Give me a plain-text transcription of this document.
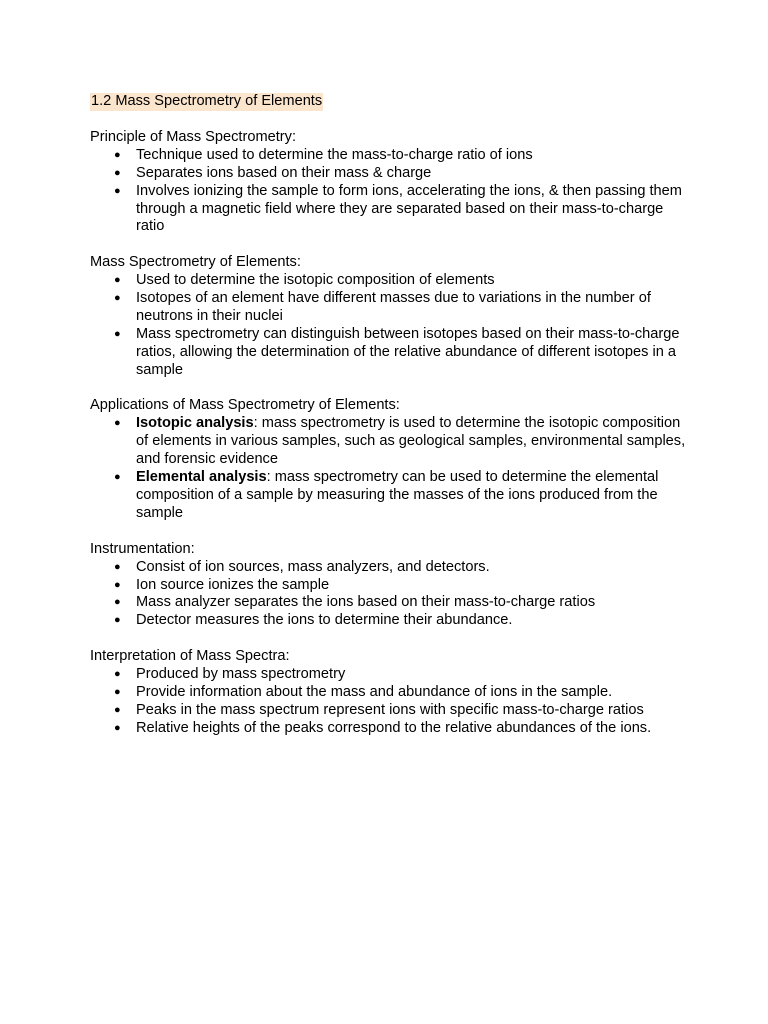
1.2 Mass Spectrometry of Elements
Principle of Mass Spectrometry:
● Technique used to determine the mass-to-charge ratio of ions
● Separates ions based on their mass & charge
● Involves ionizing the sample to form ions, accelerating the ions, & then passing them through a magnetic field where they are separated based on their mass-to-charge ratio
Mass Spectrometry of Elements:
● Used to determine the isotopic composition of elements
● Isotopes of an element have different masses due to variations in the number of neutrons in their nuclei
● Mass spectrometry can distinguish between isotopes based on their mass-to-charge ratios, allowing the determination of the relative abundance of different isotopes in a sample
Applications of Mass Spectrometry of Elements:
● Isotopic analysis: mass spectrometry is used to determine the isotopic composition of elements in various samples, such as geological samples, environmental samples, and forensic evidence
● Elemental analysis: mass spectrometry can be used to determine the elemental composition of a sample by measuring the masses of the ions produced from the sample
Instrumentation:
● Consist of ion sources, mass analyzers, and detectors.
● Ion source ionizes the sample
● Mass analyzer separates the ions based on their mass-to-charge ratios
● Detector measures the ions to determine their abundance.
Interpretation of Mass Spectra:
● Produced by mass spectrometry
● Provide information about the mass and abundance of ions in the sample.
● Peaks in the mass spectrum represent ions with specific mass-to-charge ratios
● Relative heights of the peaks correspond to the relative abundances of the ions.
